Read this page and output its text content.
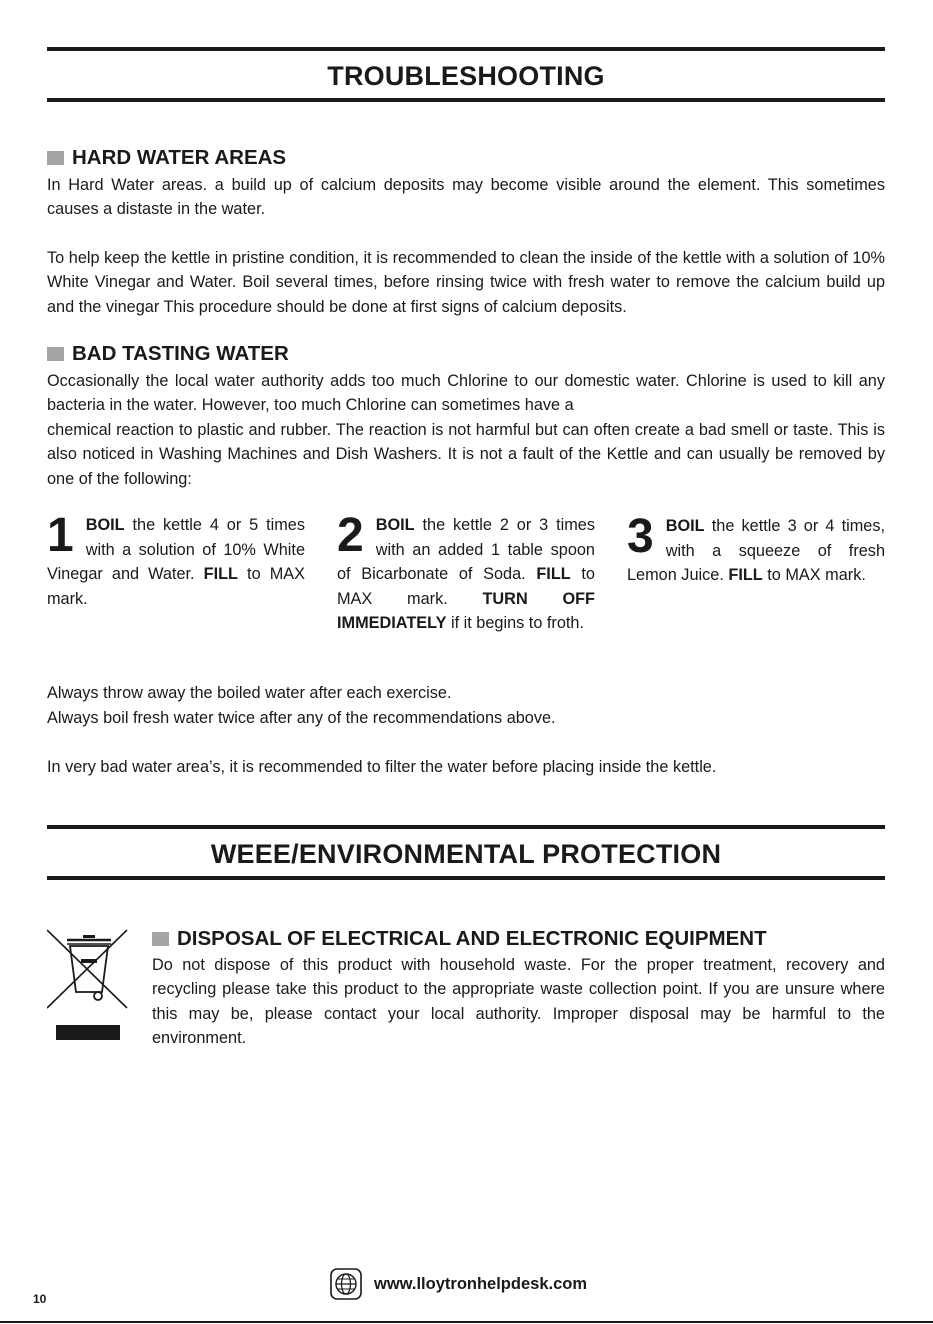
TROUBLESHOOTING
HARD WATER AREAS

In Hard Water areas. a build up of calcium deposits may become visible around the element. This sometimes causes a distaste in the water.

To help keep the kettle in pristine condition, it is recommended to clean the inside of the kettle with a solution of 10% White Vinegar and Water. Boil several times, before rinsing twice with fresh water to remove the calcium build up and the vinegar This procedure should be done at first signs of calcium deposits.

BAD TASTING WATER

Occasionally the local water authority adds too much Chlorine to our domestic water. Chlorine is used to kill any bacteria in the water. However, too much Chlorine can sometimes have a

chemical reaction to plastic and rubber. The reaction is not harmful but can often create a bad smell or taste. This is also noticed in Washing Machines and Dish Washers. It is not a fault of the Kettle and can usually be removed by one of the following:

1 BOIL the kettle 4 or 5 times with a solution of 10% White Vinegar and Water. FILL to MAX mark.
2 BOIL the kettle 2 or 3 times with an added 1 table spoon of Bicarbonate of Soda. FILL to MAX mark. TURN OFF IMMEDIATELY if it begins to froth.
3 BOIL the kettle 3 or 4 times, with a squeeze of fresh Lemon Juice. FILL to MAX mark.

Always throw away the boiled water after each exercise.

Always boil fresh water twice after any of the recommendations above.

In very bad water area’s, it is recommended to filter the water before placing inside the kettle.

WEEE/ENVIRONMENTAL PROTECTION
DISPOSAL OF ELECTRICAL AND ELECTRONIC EQUIPMENT

Do not dispose of this product with household waste. For the proper treatment, recovery and recycling please take this product to the appropriate waste collection point. If you are unsure where this may be, please contact your local authority. Improper disposal may be harmful to the environment.

www.lloytronhelpdesk.com
10
